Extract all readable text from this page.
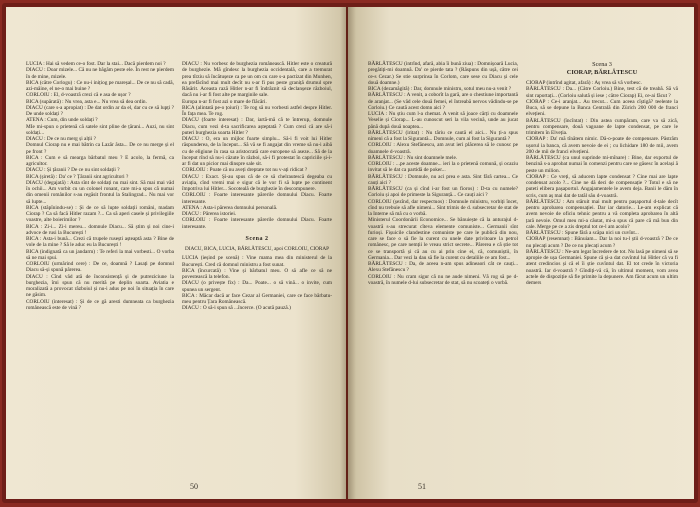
LUCIA : Hai să vedem ce-o fost. Dar la stai... Dacă pierdem noi ?

DIACU : Doar mizele... Că nu ne băgăm peste ele. În rest ne pierdem în de mine, mizele.

BICA (către Corlogu) : Ce nu-i inițiog pe mareșal... De ce nu să cadă, azi-mâine, el ne-o mai buine ?

CORLOIU : El, d-voastră crezi că e asa de ușor ?

BICA (supărată) : Nu vrea, asta e... Nu vrea să dea ordin.

DIACU (care s-a apropiat) : De dat ordin ar da el, dar cu ce să lupți ? De unde soldați ?

ATENA : Cum, din unde soldați ?

MIe mi-spun o prietenă că satele sint pline de țărani... Auzi, nu sint soldați...

DIACU : De ce nu merg și alții ?

Domnul Ciorap nu e mai bătrin ca Lazăr ăsta... De ce nu merge și el pe front ?

BICA : Cum e să mearga bărbatul meu ? E acolo, la fermă, ca agricultor.

DIACU : Și țăranii ? De ce nu sint soldații ?

BICA (șiretă) : Da' ce ? Țăranii sint agricultori ?

DIACU (degajată) : Asta sînt de soldați nu mai sint. Să mai mai văd în ochii... Am vorbit cu un colonel ronant, care mi-a spus că numai din omenii românilor s-au regăsit frontul la Stalingrad... Nu mai vor să lupte...

BICA (stăpînindu-se) : Și de ce să lupte soldații români, madam Ciorap ? Ca să facă Hitler razam ?... Ca să aperi casele și privilegiile voastre, alte boierimilor ?

BICA : Zi-i... Zi-i mereu... domnule Diacu... Să știm și noi cine-i advoce de rusi la București !

BICA : Asta-i bună... Crezi că trupele rusești așteaptă asta ? Bine de vole de la mine ? Să le aduc eu la București !

BICA (indignată ca un jandarm) : Te referi la mai vorbesti... O vorba să ne mai spui.

CORLOIU (urmărind cere) : De ce, doamnă ? Lasați pe domnul Diacu să-și spună părerea.

DIACU : Cînd văd ată de înconsistență și de putreziciune la burghezia, îmi spun că nu merită pe deplin soarta. Aviatia e moralizată a provocat războiul și nu-i adus pe noi în situația în care ne găsim.

CORLOIU (interesat) : Și de ce gă aresti dumneata ca burghezia românească este de vină ?

DIACU : Nu vorbesc de burghezia românească. Hitler este o creatură de burghezie. Mă gîndesc la burghezia occidentală, care a tremurat prea tîrziu să încătușeze ca pe un om cu care s-a pactizat din Munhen, ea prefăcînd mai mult decît nu s-ar fi pus peste graniță drumul spre Răsărit. Aceasta rază Hitler n-ar fi îndrăznit să declanșeze războiul, dacă nu i-ar fi fost alte pe marginile sale.

Europa n-ar fi fost azi o mare de flăcări.

BICA (alintată pe-o țoiuri) : Te rog să nu vorbesti astfel despre Hitler. În fața mea. Te rog.

DIACU (foarte interesat) : Dar, iartă-mă că te întrerup, domnule Diacu, cum vezi d-ta sacrificarea așteptată ? Cum crezi că are să-i puteri burghezia soarta Hitler ?

DIACU : O, era un mijloc foarte simplu... Să-i fi voit lui Hitler răspunderea, de la început... Să vă se fi angajat din vreme să nu-i aibă cu de eligiune în rasa sa aristocrată care europene să aseze... Să de la început rînd să nu-i căzute în război, să-i fi protestat în capriciile și-i-ar fi dat un picior mai dinspre sale sit.

CORLOIU : Poate că nu aveți dreptate tot nu v-ați ridicat ?

DIACU : Exact. Și-au spus că de ce să chelrautescă degeaba cu aviația, cînd vremi mai e sigur că le vor fi să lupte pe continent împotriva lui Hitler... Socoteală de burghezie în descompunere.

CORLOIU : Foarte interesante părerile domnului Diacu. Foarte interesante.

ATENA : Asta-i părerea domnului personală.

DIACU : Părerea istoriei.

CORLOIU : Foarte interesante părerile domnului Diacu. Foarte interesante.

Scena 2
DIACU, BICA, LUCIA, BĂRLĂTESCU, apoi CORLOIU, CIORAP

LUCIA (ieșind pe scenă) : Vine mama mea din ministerul de la București. Cred că domnul ministru a fost sunat.

BICA (încurcată) : Vine și bărbatul meu. O să afle ce să ne povestească la telefon.

DIACU (o privește fix) : Da... Poate... o să vină... o invite, cum spunea un sergent.

BICA : Măcar dacă ar face Cezar al Germaniei, care ce face bărbatu-meu pentru Țara Românească.

DIACU : O să-i spun să ...încerce. (O acută pauză.)

50

BĂRLĂTESCU (intrînd, afară, abia îi bună ziua) : Domnișoară Lucia, pregătiți-mi doamnă. Da' ce pierde tata ? (Răspuns din ușă, către cei ce-s Cezar.) Se stie surprinsa în Corlom, care sese cu Diacu și cele două doamne.)

BICA (dezamăgită) : Dar, domnule ministru, sotul meu nu-a venit ?

BĂRLĂTESCU : A venit, a coborît la gară, are o chestiune importantă de aranjat... (Se văd cele două femei, el întreabă nervos vădindu-se pe Corloiu.) Ce caută acest domn aici ?

LUCIA : Nu știu cum l-a chemat. A venit să joace cărți cu doamnele Veselie și Ciorap... L-au cunoscut seri la vila vecină, unde au jucat până după două noaptea...

BĂRLĂTESCU (iritat) : Nu tăriu ce caută el aici... Nu ți-a spus nimeni că a fost la Sigurantă... Domnule, cum ai fost la Sigurantă ?

CORLOIU : Alexu Stefănescu, am avut ieri plăcerea să le cunosc pe doamnele d-voastră.

BĂRLĂTESCU : Nu sint doamnele mele.

CORLOIU : ...pe aceste doamne... ieri la o prietenă comună, și ocaziu invitat să le dat ca partidă de poker...

BĂRLĂTESCU : Domnule, nu aci prea e asta. Sint fără cartea... Ce cauți aici ?

BĂRLĂTESCU (ca și cînd i-ar fost un fioros) : D-ta cu numele? Corloiu și apoi de primeste la Siguranță... Ce cauți aici ?

CORLOIU (șezînd, dar respectuos) : Domnule ministru, vorbiți încet, cînd nu trebuie să afle nimeni... Sint trimis de d. subsecretar de stat de la Interne să mă cu o vorbă.

Ministerul Coordonării Economice... Se bănuiește că la anturajul d-voastră s-au strecurat cîteva elemente comuniste... Germanii sînt furioși. Fișuicile clandestine comuniste pe care le publică din nou, care se face o să fie la curent cu unele date privitoare la petrol românesc, pe care nemții le vreau strict secrete... Părerea e că știe tot ce se transportă și că au cu ai prin cine ei, că, comuniștii, în Germania... Dar vezi la dau să fie la curent cu detaliile ce am fost...

BĂRLĂTESCU : Da, de aceea n-am spus adineaori cât ce cauți... Alexu Stefănescu ?

CORLOIU : Nu cram sigur că nu ne aude nimeni. Vă rog să pe d-voastră, în numele d-lui subsecretar de stat, să nu scoateți o vorbă.

Scena 3
CIORAP, BĂRLĂTESCU

CIORAP (intrînd agitat, afară) : Aș vrea să vă vorbesc.

BĂRLĂTESCU : Da... (Către Corloiu.) Bine, test că de treabă. Să vă sint raportați... (Corloiu salută și iese ; către Ciorap) Ei, ce-ai făcut ?

CIORAP : Ce-i aranjat... Au trecut... Cum aceea cîștigă? teelente la Buca, să se depune la Banca Centrală din Zürich 200 000 de franci elvețieni.

BĂRLĂTESCU (încîntat) : Din astea cumpăram, care va să zică, pentru compensare, două vagoane de lapte condensat, pe care le trimitem în Elveția.

CIORAP : Da' mă tînătem nimic. Dă-o-poate de compensare. Păstrăm ușorul ia banca, că avem nevoie de ei ; cu lichidare 180 de mii, avem 200 de mii de franci elvețieni.

BĂRLĂTESCU (ca unul suprinde mi-mînare) : Bine, dar exportul de benzină s-a aprobat numai în comenzi pentru care se găsesc în același ă peste un milion.

CIORAP : Ce vreți, să aducem lapte condensat ? Cine mai are lapte condensat acolo ?... Cine ne dă deci de compensație ? Totul e să ne puteti elibera pașaportul. Angajamentele le avem deja. Banii le dăm în scris, cum aș mai dat de tatăl său d-voastră.

BĂRLĂTESCU : Am stăruit mai mult pentru pașaportul d-tale decît pentru aprobarea compensației. Dar iar datorie... Le-am explicat că avem nevoie de oficiu tehnic pentru a vă completa aprobarea în altă țară nevoie. Omul meu mi-a căutat, mi-a spus că pare că mă bun din cale. Merge pe ce a zis dreptul tot ce-l am acolo?

BĂRLĂTESCU : Spune fără a scăpa nici un cuvînt...

CIORAP (resemnat) : Bănuiam... Dar la noi tu-l știi d-voastră ? De ce nu plecați acum ? De ce nu plecați acum ?

BĂRLĂTESCU : Ne-am legat încredere de tot. Nu lasă pe nimeni să se apropie de ușa Germaniei. Spune că și-a dat cuvîntul lui Hitler că va fi atent credincios și că el îi știe cuvîntul dat. El tot crede în victoria noastră. Iar d-voastră ? Gîndiți-vă că, în ultimul moment, vom avea actele de dispoziție să fie primite la depunere. Am făcut acum un ultim demers

51
